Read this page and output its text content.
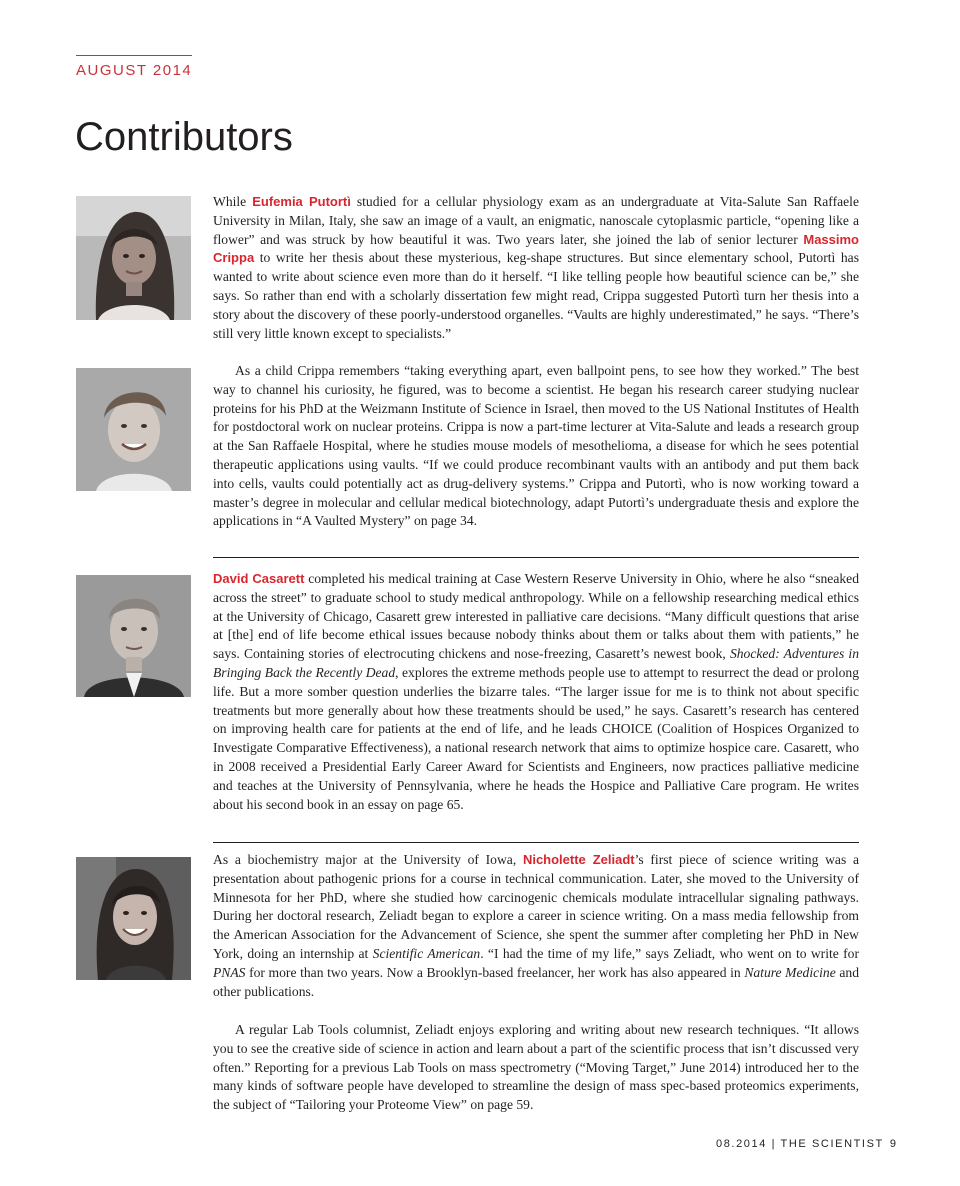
AUGUST 2014
Contributors

While Eufemia Putortì studied for a cellular physiology exam as an undergraduate at Vita-Salute San Raffaele University in Milan, Italy, she saw an image of a vault, an enigmatic, nanoscale cytoplasmic particle, “opening like a flower” and was struck by how beautiful it was. Two years later, she joined the lab of senior lecturer Massimo Crippa to write her thesis about these mysterious, keg-shape structures. But since elementary school, Putortì has wanted to write about science even more than do it herself. “I like telling people how beautiful science can be,” she says. So rather than end with a scholarly dissertation few might read, Crippa suggested Putortì turn her thesis into a story about the discovery of these poorly-understood organelles. “Vaults are highly underestimated,” he says. “There’s still very little known except to specialists.”

As a child Crippa remembers “taking everything apart, even ballpoint pens, to see how they worked.” The best way to channel his curiosity, he figured, was to become a scientist. He began his research career studying nuclear proteins for his PhD at the Weizmann Institute of Science in Israel, then moved to the US National Institutes of Health for postdoctoral work on nuclear proteins. Crippa is now a part-time lecturer at Vita-Salute and leads a research group at the San Raffaele Hospital, where he studies mouse models of mesothelioma, a disease for which he sees potential therapeutic applications using vaults. “If we could produce recombinant vaults with an antibody and put them back into cells, vaults could potentially act as drug-delivery systems.” Crippa and Putortì, who is now working toward a master’s degree in molecular and cellular medical biotechnology, adapt Putortì’s undergraduate thesis and explore the applications in “A Vaulted Mystery” on page 34.

David Casarett completed his medical training at Case Western Reserve University in Ohio, where he also “sneaked across the street” to graduate school to study medical anthropology. While on a fellowship researching medical ethics at the University of Chicago, Casarett grew interested in palliative care decisions. “Many difficult questions that arise at [the] end of life become ethical issues because nobody thinks about them or talks about them with patients,” he says. Containing stories of electrocuting chickens and nose-freezing, Casarett’s newest book, Shocked: Adventures in Bringing Back the Recently Dead, explores the extreme methods people use to attempt to resurrect the dead or prolong life. But a more somber question underlies the bizarre tales. “The larger issue for me is to think not about specific treatments but more generally about how these treatments should be used,” he says. Casarett’s research has centered on improving health care for patients at the end of life, and he leads CHOICE (Coalition of Hospices Organized to Investigate Comparative Effectiveness), a national research network that aims to optimize hospice care. Casarett, who in 2008 received a Presidential Early Career Award for Scientists and Engineers, now practices palliative medicine and teaches at the University of Pennsylvania, where he heads the Hospice and Palliative Care program. He writes about his second book in an essay on page 65.

As a biochemistry major at the University of Iowa, Nicholette Zeliadt’s first piece of science writing was a presentation about pathogenic prions for a course in technical communication. Later, she moved to the University of Minnesota for her PhD, where she studied how carcinogenic chemicals modulate intracellular signaling pathways. During her doctoral research, Zeliadt began to explore a career in science writing. On a mass media fellowship from the American Association for the Advancement of Science, she spent the summer after completing her PhD in New York, doing an internship at Scientific American. “I had the time of my life,” says Zeliadt, who went on to write for PNAS for more than two years. Now a Brooklyn-based freelancer, her work has also appeared in Nature Medicine and other publications.

A regular Lab Tools columnist, Zeliadt enjoys exploring and writing about new research techniques. “It allows you to see the creative side of science in action and learn about a part of the scientific process that isn’t discussed very often.” Reporting for a previous Lab Tools on mass spectrometry (“Moving Target,” June 2014) introduced her to the many kinds of software people have developed to streamline the design of mass spec-based proteomics experiments, the subject of “Tailoring your Proteome View” on page 59.

08.2014 | THE SCIENTIST 9
